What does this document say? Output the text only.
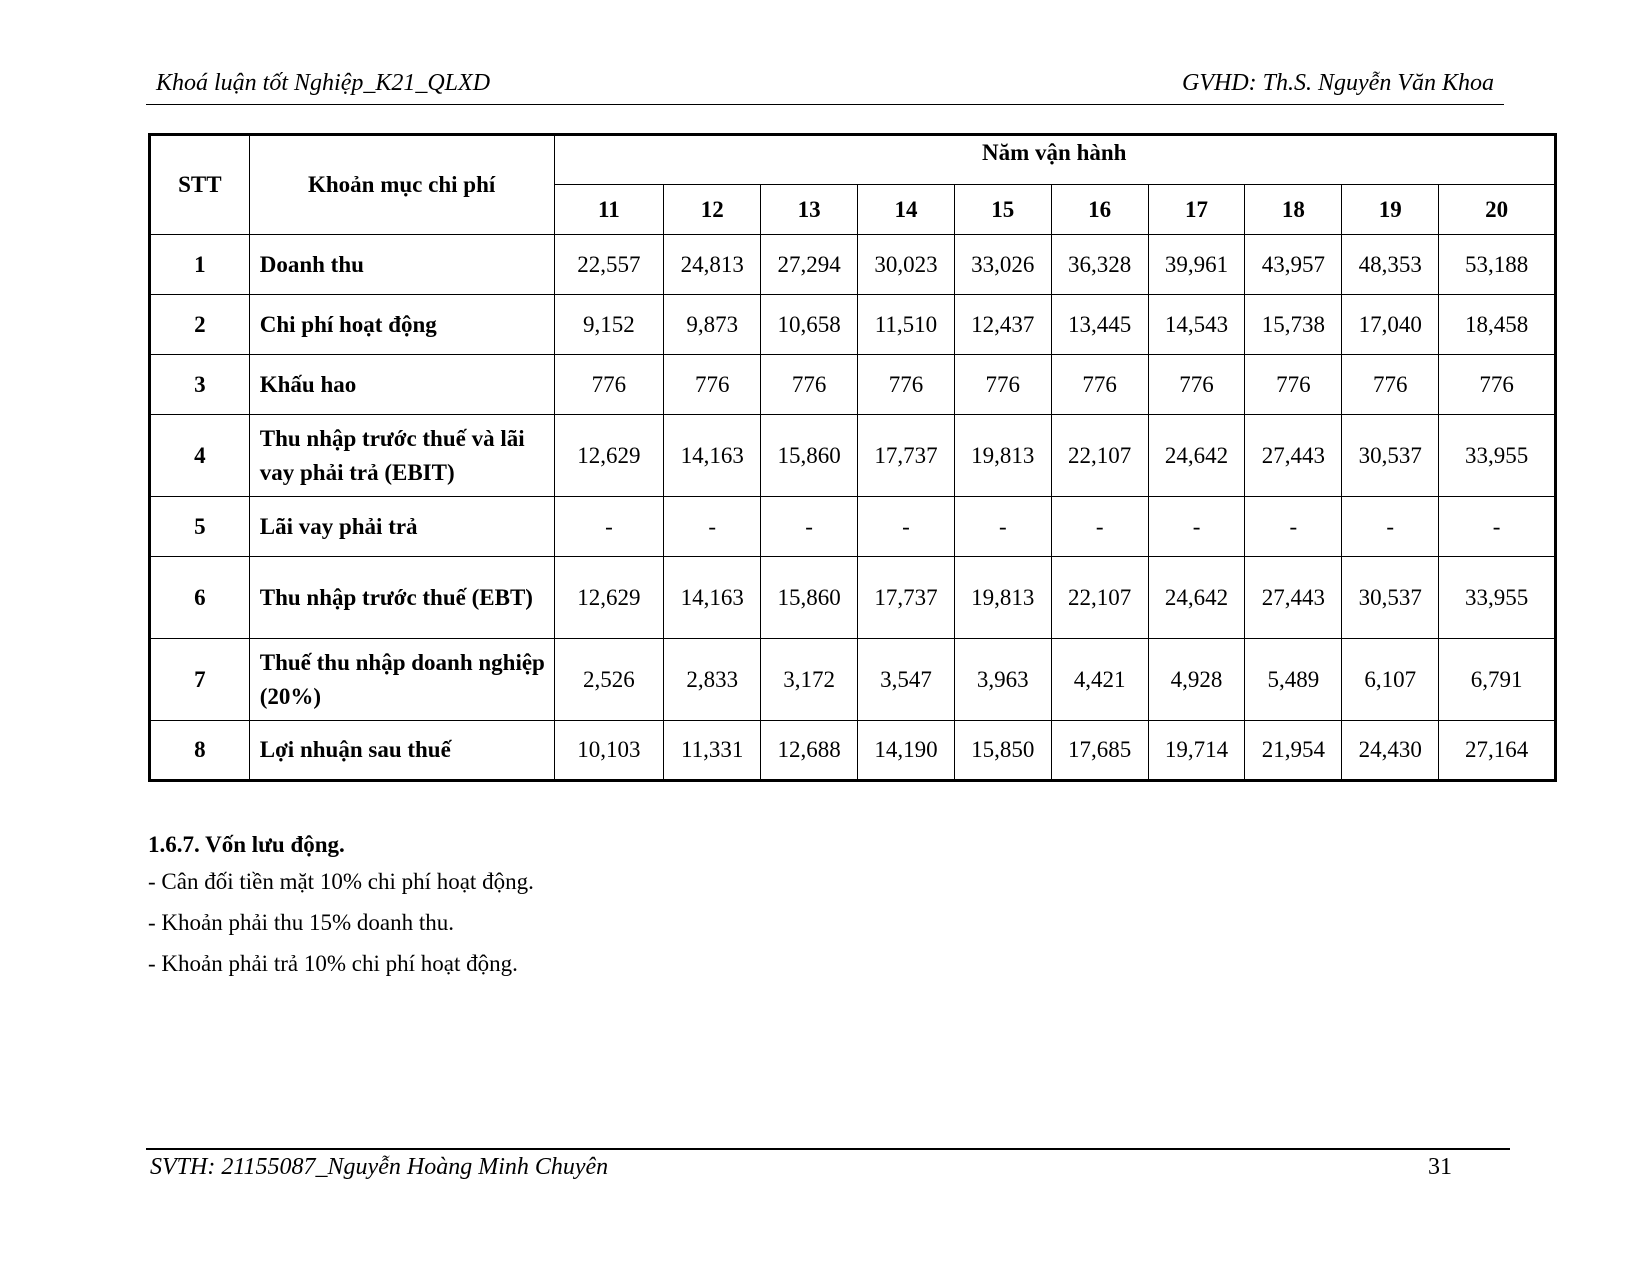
Khoá luận tốt Nghiệp_K21_QLXD	GVHD: Th.S. Nguyễn Văn Khoa
STT	Khoản mục chi phí	Năm vận hành									
		11	12	13	14	15	16	17	18	19	20
1	Doanh thu	22,557	24,813	27,294	30,023	33,026	36,328	39,961	43,957	48,353	53,188
2	Chi phí hoạt động	9,152	9,873	10,658	11,510	12,437	13,445	14,543	15,738	17,040	18,458
3	Khấu hao	776	776	776	776	776	776	776	776	776	776
4	Thu nhập trước thuế và lãi vay phải trả (EBIT)	12,629	14,163	15,860	17,737	19,813	22,107	24,642	27,443	30,537	33,955
5	Lãi vay phải trả	-	-	-	-	-	-	-	-	-	-
6	Thu nhập trước thuế (EBT)	12,629	14,163	15,860	17,737	19,813	22,107	24,642	27,443	30,537	33,955
7	Thuế thu nhập doanh nghiệp (20%)	2,526	2,833	3,172	3,547	3,963	4,421	4,928	5,489	6,107	6,791
8	Lợi nhuận sau thuế	10,103	11,331	12,688	14,190	15,850	17,685	19,714	21,954	24,430	27,164
1.6.7. Vốn lưu động.
- Cân đối tiền mặt 10% chi phí hoạt động.
- Khoản phải thu 15% doanh thu.
- Khoản phải trả 10% chi phí hoạt động.
SVTH: 21155087_Nguyễn Hoàng Minh Chuyên	31
